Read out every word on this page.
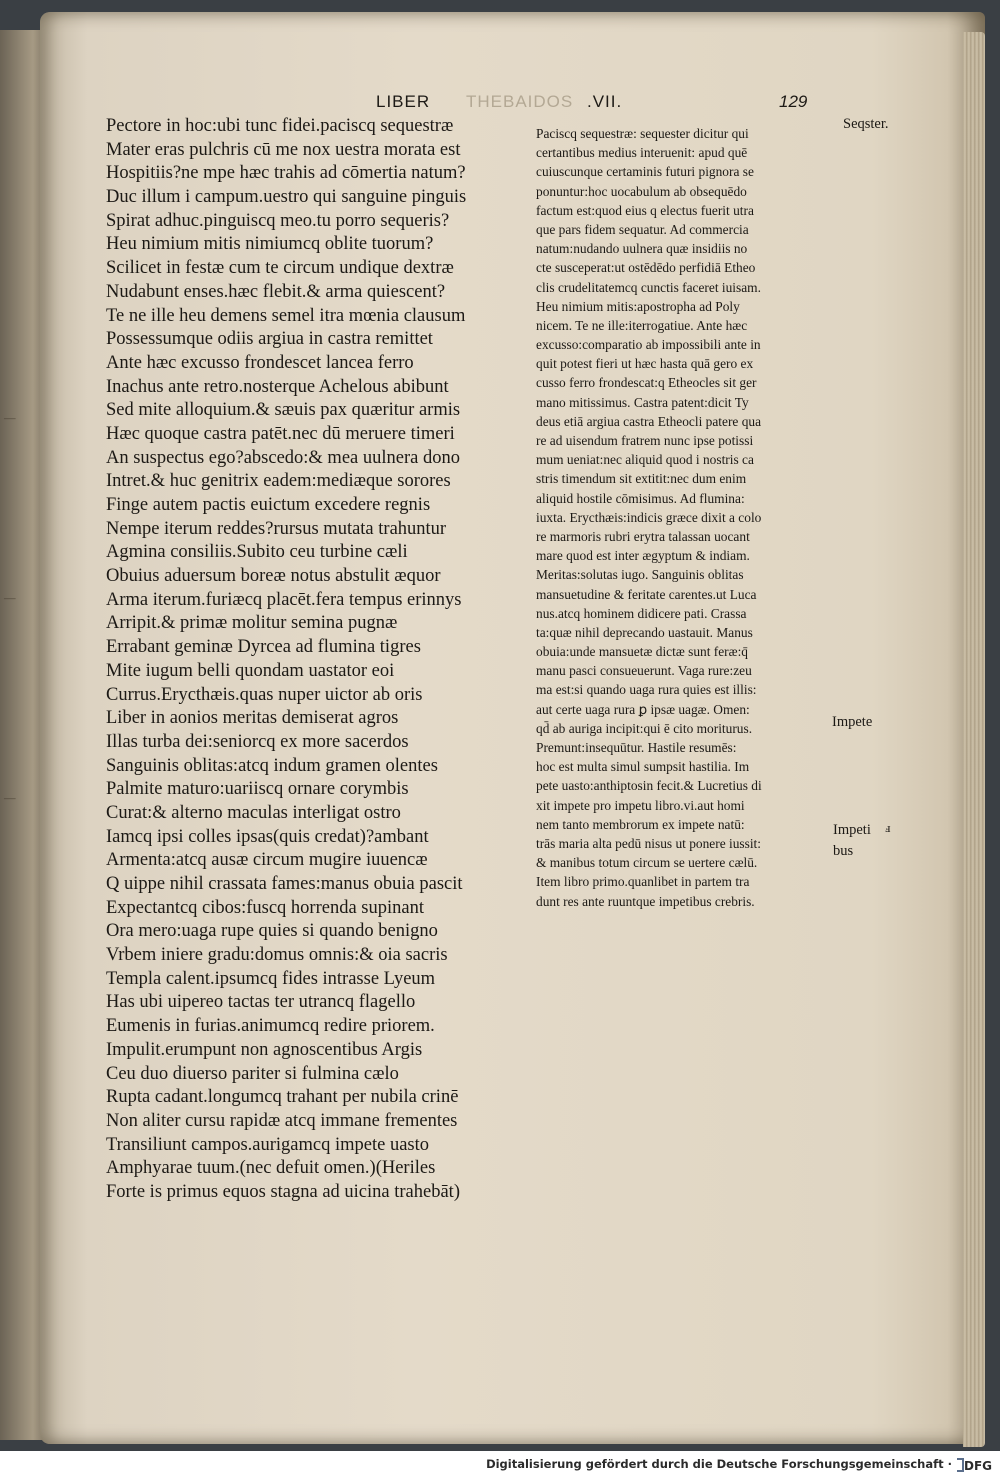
—
—
—
LIBER THEBAIDOS .VII.	129
Pectore in hoc:ubi tunc fidei.paciscq sequestræ
Mater eras pulchris cū me nox uestra morata est
Hospitiis?ne mpe hæc trahis ad cōmertia natum?
Duc illum i campum.uestro qui sanguine pinguis
Spirat adhuc.pinguiscq meo.tu porro sequeris?
Heu nimium mitis nimiumcq oblite tuorum?
Scilicet in festæ cum te circum undique dextræ
Nudabunt enses.hæc flebit.& arma quiescent?
Te ne ille heu demens semel itra mœnia clausum
Possessumque odiis argiua in castra remittet
Ante hæc excusso frondescet lancea ferro
Inachus ante retro.nosterque Achelous abibunt
Sed mite alloquium.& sæuis pax quæritur armis
Hæc quoque castra patēt.nec dū meruere timeri
An suspectus ego?abscedo:& mea uulnera dono
Intret.& huc genitrix eadem:mediæque sorores
Finge autem pactis euictum excedere regnis
Nempe iterum reddes?rursus mutata trahuntur
Agmina consiliis.Subito ceu turbine cæli
Obuius aduersum boreæ notus abstulit æquor
Arma iterum.furiæcq placēt.fera tempus erinnys
Arripit.& primæ molitur semina pugnæ
Errabant geminæ Dyrcea ad flumina tigres
Mite iugum belli quondam uastator eoi
Currus.Erycthæis.quas nuper uictor ab oris
Liber in aonios meritas demiserat agros
Illas turba dei:seniorcq ex more sacerdos
Sanguinis oblitas:atcq indum gramen olentes
Palmite maturo:uariiscq ornare corymbis
Curat:& alterno maculas interligat ostro
Iamcq ipsi colles ipsas(quis credat)?ambant
Armenta:atcq ausæ circum mugire iuuencæ
Q uippe nihil crassata fames:manus obuia pascit
Expectantcq cibos:fuscq horrenda supinant
Ora mero:uaga rupe quies si quando benigno
Vrbem iniere gradu:domus omnis:& oia sacris
Templa calent.ipsumcq fides intrasse Lyeum
Has ubi uipereo tactas ter utrancq flagello
Eumenis in furias.animumcq redire priorem.
Impulit.erumpunt non agnoscentibus Argis
Ceu duo diuerso pariter si fulmina cælo
Rupta cadant.longumcq trahant per nubila crinē
Non aliter cursu rapidæ atcq immane frementes
Transiliunt campos.aurigamcq impete uasto
Amphyarae tuum.(nec defuit omen.)(Heriles
Forte is primus equos stagna ad uicina trahebāt)
Paciscq sequestræ: sequester dicitur qui
certantibus medius interuenit: apud quē
cuiuscunque certaminis futuri pignora se
ponuntur:hoc uocabulum ab obsequēdo
factum est:quod eius q electus fuerit utra
que pars fidem sequatur. Ad commercia
natum:nudando uulnera quæ insidiis no
cte susceperat:ut ostēdēdo perfidiā Etheo
clis crudelitatemcq cunctis faceret iuisam.
Heu nimium mitis:apostropha ad Poly
nicem. Te ne ille:iterrogatiue. Ante hæc
excusso:comparatio ab impossibili ante in
quit potest fieri ut hæc hasta quā gero ex
cusso ferro frondescat:q Etheocles sit ger
mano mitissimus. Castra patent:dicit Ty
deus etiā argiua castra Etheocli patere qua
re ad uisendum fratrem nunc ipse potissi
mum ueniat:nec aliquid quod i nostris ca
stris timendum sit extitit:nec dum enim
aliquid hostile cōmisimus. Ad flumina:
iuxta. Erycthæis:indicis græce dixit a colo
re marmoris rubri erytra talassan uocant
mare quod est inter ægyptum & indiam.
Meritas:solutas iugo. Sanguinis oblitas
mansuetudine & feritate carentes.ut Luca
nus.atcq hominem didicere pati. Crassa
ta:quæ nihil deprecando uastauit. Manus
obuia:unde mansuetæ dictæ sunt feræ:q̄
manu pasci consueuerunt. Vaga rure:zeu
ma est:si quando uaga rura quies est illis:
aut certe uaga rura ꝑ ipsæ uagæ. Omen:
qd̄ ab auriga incipit:qui ē cito moriturus.
Premunt:insequūtur. Hastile resumēs:
hoc est multa simul sumpsit hastilia. Im
pete uasto:anthiptosin fecit.& Lucretius di
xit impete pro impetu libro.vi.aut homi
nem tanto membrorum ex impete natū:
trās maria alta pedū nisus ut ponere iussit:
& manibus totum circum se uertere cælū.
Item libro primo.quanlibet in partem tra
dunt res ante ruuntque impetibus crebris.
Seqster.
Impete
Impeti ⅎ
bus
Digitalisierung gefördert durch die Deutsche Forschungsgemeinschaft · DFG
